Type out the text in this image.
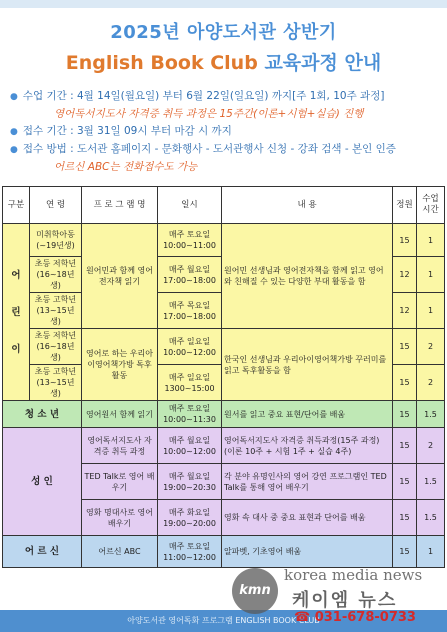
2025년 아양도서관 상반기
English Book Club 교육과정 안내
● 수업 기간 : 4월 14일(월요일) 부터 6월 22일(일요일) 까지[주 1회, 10주 과정]
영어독서지도사 자격증 취득 과정은 15주간(이론+시험+실습) 진행
● 접수 기간 : 3월 31일 09시 부터 마감 시 까지
● 접수 방법 : 도서관 홈페이지 - 문화행사 - 도서관행사 신청 - 강좌 검색 - 본인 인증
어르신 ABC는 전화접수도 가능
구분	연 령	프 로 그 램 명	일시	내 용	정원	수업 시간

어
린
이	미취학아동 (~19년생)	원어민과 함께 영어전자책 읽기	매주 토요일 10:00~11:00	원어민 선생님과 영어전자책을 함께 읽고 영어와 친해질 수 있는 다양한 부대 활동을 함	15	1
	초등 저학년 (16~18년생)		매주 월요일 17:00~18:00		12	1
	초등 고학년 (13~15년생)		매주 목요일 17:00~18:00		12	1
	초등 저학년 (16~18년생)	영어로 하는 우리아이영어책가방 독후활동	매주 일요일 10:00~12:00	한국인 선생님과 우리아이영어책가방 꾸러미를 읽고 독후활동을 함	15	2
	초등 고학년 (13~15년생)		매주 일요일 1300~15:00		15	2
청 소 년		영어원서 함께 읽기	매주 토요일 10:00~11:30	원서를 읽고 중요 표현/단어를 배움	15	1.5
성 인		영어독서지도사 자격증 취득 과정	매주 월요일 10:00~12:00	영어독서지도사 자격증 취득과정(15주 과정) (이론 10주 + 시험 1주 + 실습 4주)	15	2
		TED Talk로 영어 배우기	매주 월요일 19:00~20:30	각 분야 유명인사의 영어 강연 프로그램인 TED Talk를 통해 영어 배우기	15	1.5
		영화 명대사로 영어 배우기	매주 화요일 19:00~20:00	영화 속 대사 중 중요 표현과 단어를 배움	15	1.5
어 르 신		어르신 ABC	매주 토요일 11:00~12:00	알파벳, 기초영어 배움	15	1
아양도서관 영어독화 프로그램 ENGLISH BOOK CLUB
kmn
korea media news
케이엠 뉴스
☎ 031-678-0733
